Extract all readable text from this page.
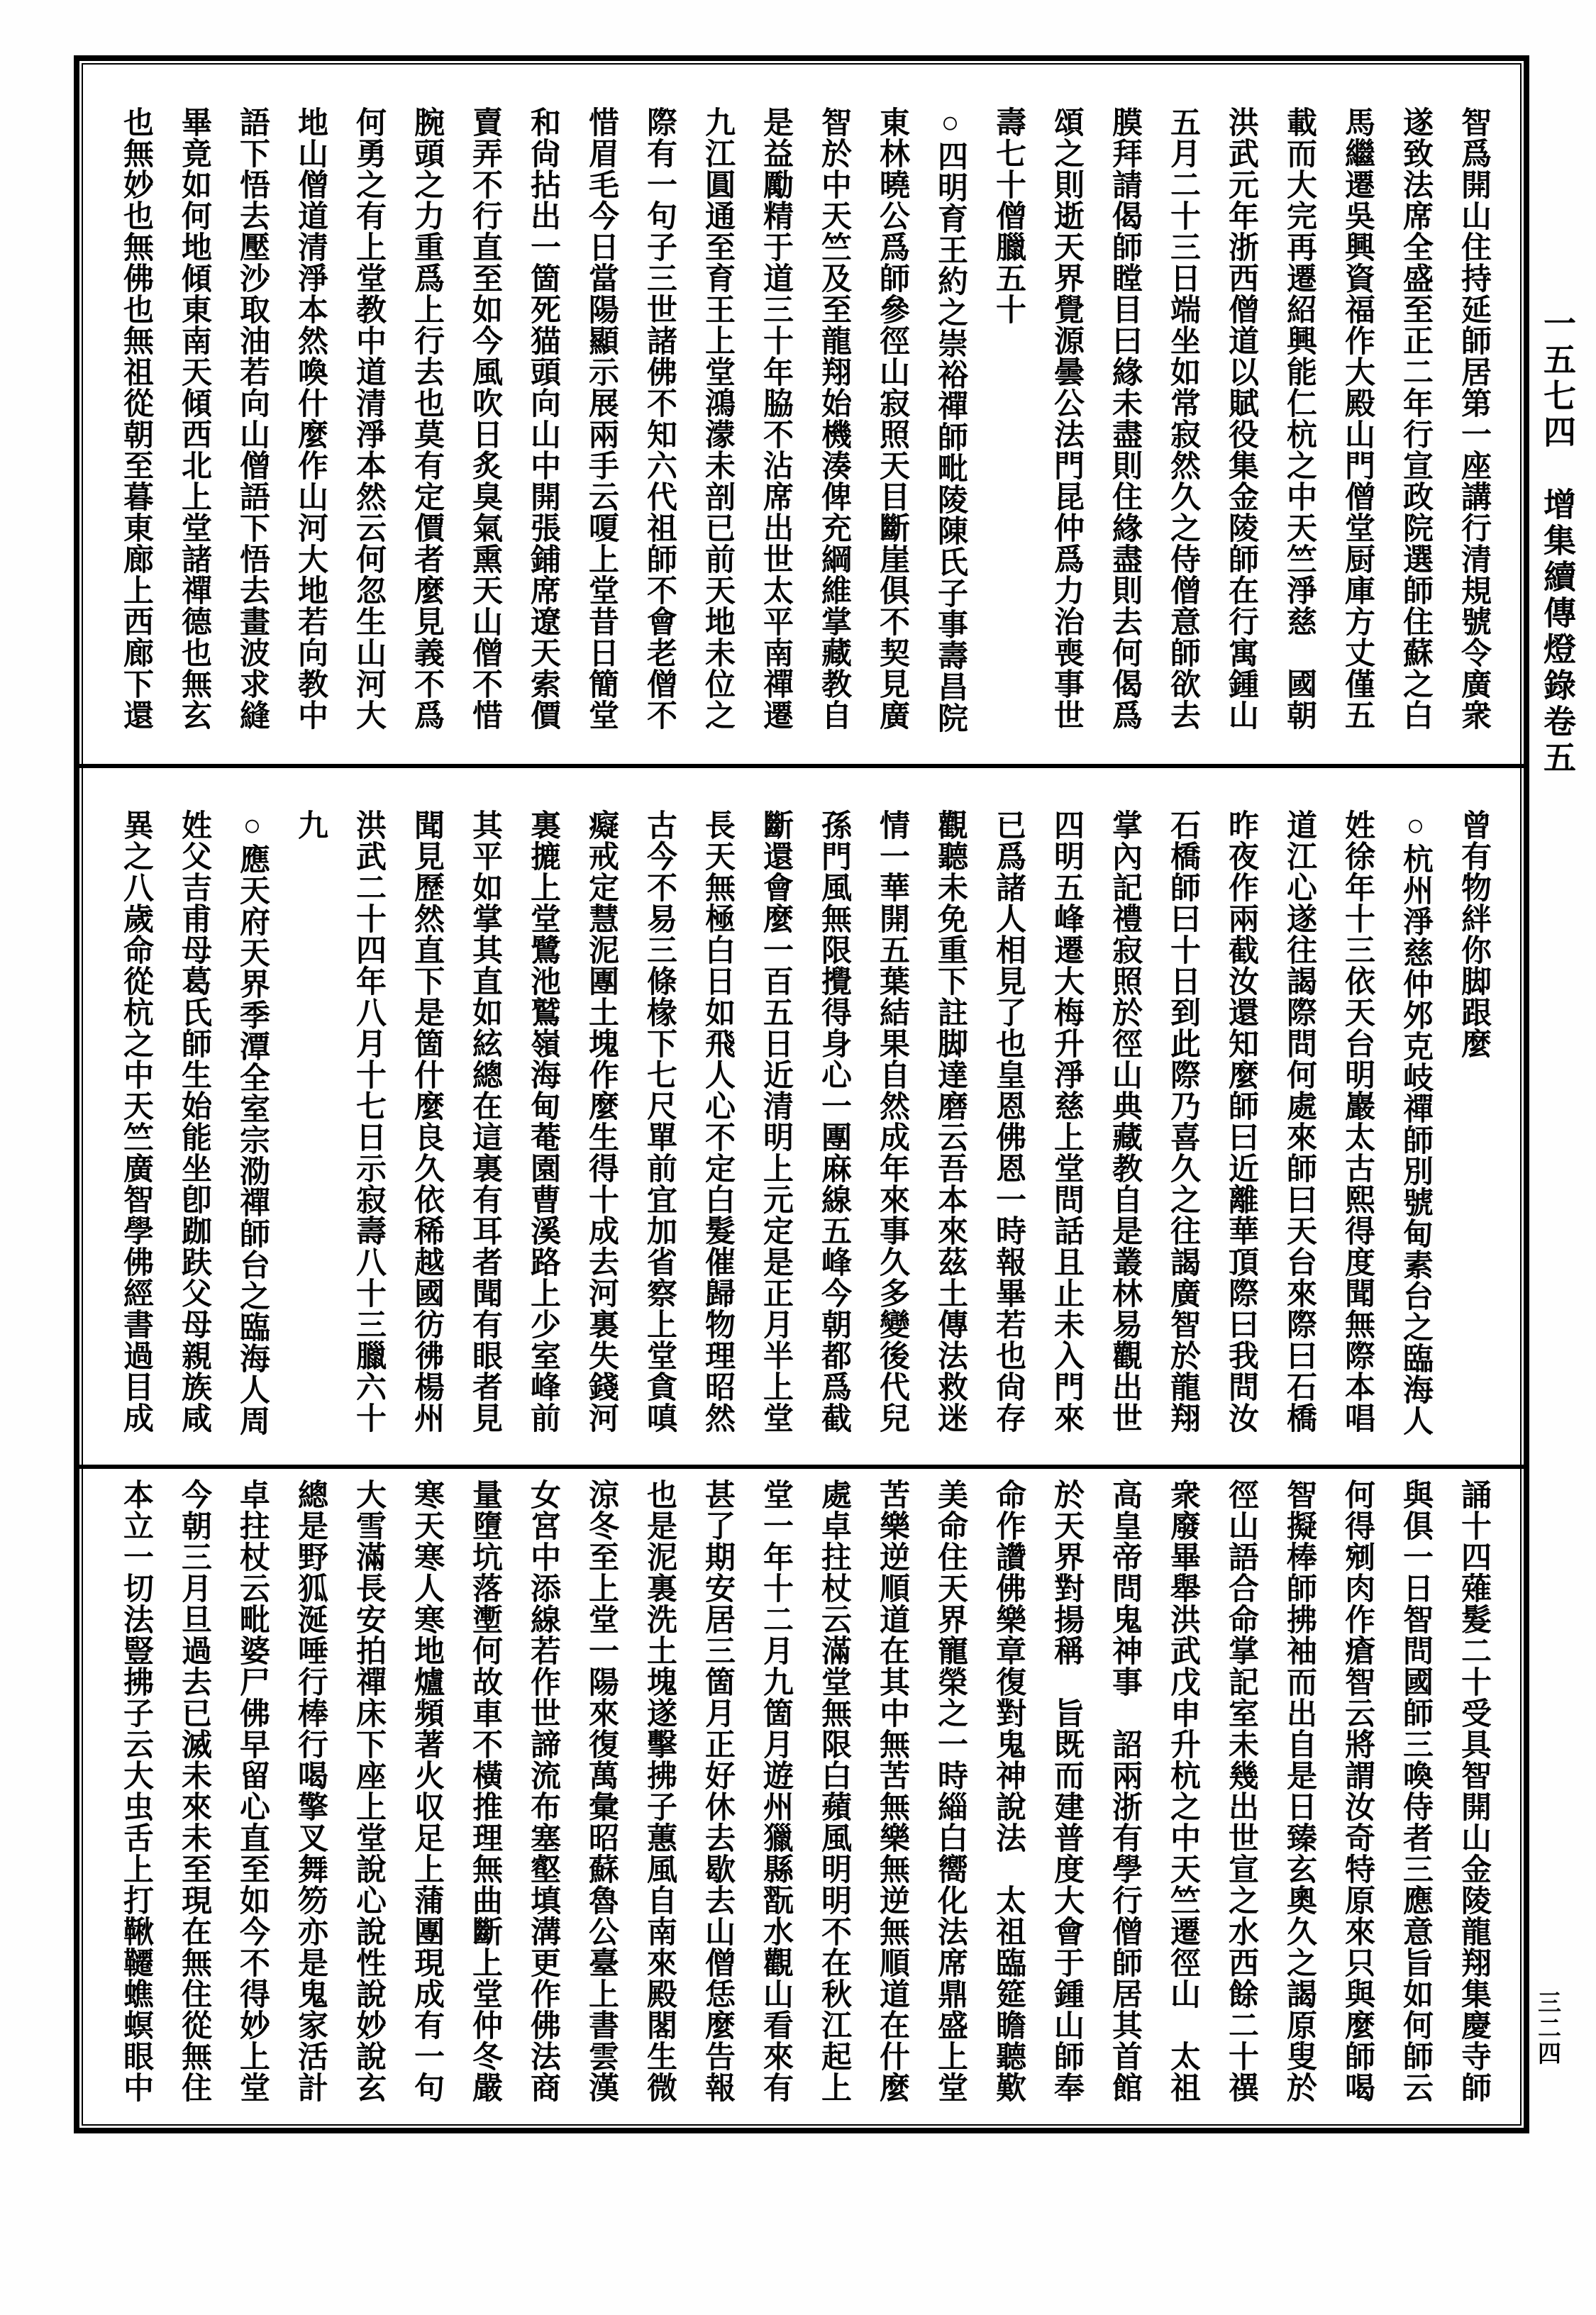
智爲開山住持延師居第一座講行清規號令廣衆
遂致法席全盛至正二年行宣政院選師住蘇之白
馬繼遷吳興資福作大殿山門僧堂厨庫方丈僅五
載而大完再遷紹興能仁杭之中天竺淨慈　國朝
洪武元年浙西僧道以賦役集金陵師在行寓鍾山
五月二十三日端坐如常寂然久之侍僧意師欲去
膜拜請偈師瞠目曰緣未盡則住緣盡則去何偈爲
頌之則逝天界覺源曇公法門昆仲爲力治喪事世
壽七十僧臘五十
○四明育王約之崇裕禪師毗陵陳氏子事壽昌院
東林曉公爲師參徑山寂照天目斷崖俱不契見廣
智於中天竺及至龍翔始機湊俾充綱維掌藏教自
是益勵精于道三十年脇不沾席出世太平南禪遷
九江圓通至育王上堂鴻濛未剖已前天地未位之
際有一句子三世諸佛不知六代祖師不會老僧不
惜眉毛今日當陽顯示展兩手云嗄上堂昔日簡堂
和尙拈出一箇死猫頭向山中開張鋪席遼天索價
賣弄不行直至如今風吹日炙臭氣熏天山僧不惜
腕頭之力重爲上行去也莫有定價者麼見義不爲
何勇之有上堂教中道清淨本然云何忽生山河大
地山僧道清淨本然喚什麼作山河大地若向教中
語下悟去壓沙取油若向山僧語下悟去畫波求縫
畢竟如何地傾東南天傾西北上堂諸禪德也無玄
也無妙也無佛也無祖從朝至暮東廊上西廊下還
曾有物絆你脚跟麼
○杭州淨慈仲邜克岐禪師別號甸素台之臨海人
姓徐年十三依天台明巖太古熙得度聞無際本唱
道江心遂往謁際問何處來師曰天台來際曰石橋
昨夜作兩截汝還知麼師曰近離華頂際曰我問汝
石橋師曰十日到此際乃喜久之往謁廣智於龍翔
掌內記禮寂照於徑山典藏教自是叢林易觀出世
四明五峰遷大梅升淨慈上堂問話且止未入門來
已爲諸人相見了也皇恩佛恩一時報畢若也尙存
觀聽未免重下註脚達磨云吾本來茲土傳法救迷
情一華開五葉結果自然成年來事久多變後代兒
孫門風無限攪得身心一團麻線五峰今朝都爲截
斷還會麼一百五日近清明上元定是正月半上堂
長天無極白日如飛人心不定白髮催歸物理昭然
古今不易三條椽下七尺單前宜加省察上堂貪嗔
癡戒定慧泥團土塊作麼生得十成去河裏失錢河
裏摝上堂鷺池鷲嶺海甸菴園曹溪路上少室峰前
其平如掌其直如絃總在這裏有耳者聞有眼者見
聞見歷然直下是箇什麼良久依稀越國彷彿楊州
洪武二十四年八月十七日示寂壽八十三臘六十
九
○應天府天界季潭全室宗泐禪師台之臨海人周
姓父吉甫母葛氏師生始能坐卽跏趺父母親族咸
異之八歲命從杭之中天竺廣智學佛經書過目成
誦十四薙髮二十受具智開山金陵龍翔集慶寺師
與俱一日智問國師三喚侍者三應意旨如何師云
何得剜肉作瘡智云將謂汝奇特原來只與麼師喝
智擬棒師拂袖而出自是日臻玄奧久之謁原叟於
徑山語合命掌記室未幾出世宣之水西餘二十禩
衆廢畢舉洪武戊申升杭之中天竺遷徑山　太祖
高皇帝問鬼神事　詔兩浙有學行僧師居其首館
於天界對揚稱　旨既而建普度大會于鍾山師奉
命作讚佛樂章復對鬼神說法　太祖臨筵瞻聽歎
美命住天界寵榮之一時緇白嚮化法席鼎盛上堂
苦樂逆順道在其中無苦無樂無逆無順道在什麼
處卓拄杖云滿堂無限白蘋風明明不在秋江起上
堂一年十二月九箇月遊州獵縣翫水觀山看來有
甚了期安居三箇月正好休去歇去山僧恁麼告報
也是泥裏洗土塊遂擊拂子蕙風自南來殿閣生微
涼冬至上堂一陽來復萬彙昭蘇魯公臺上書雲漢
女宮中添線若作世諦流布塞壑填溝更作佛法商
量墮坑落壍何故車不橫推理無曲斷上堂仲冬嚴
寒天寒人寒地爐頻著火収足上蒲團現成有一句
大雪滿長安拍禪床下座上堂說心說性說妙說玄
總是野狐涎唾行棒行喝擎叉舞笏亦是鬼家活計
卓拄杖云毗婆尸佛早留心直至如今不得妙上堂
今朝三月旦過去已滅未來未至現在無住從無住
本立一切法豎拂子云大虫舌上打鞦韆蟭螟眼中
一五七四　增集續傳燈錄卷五
三二四
